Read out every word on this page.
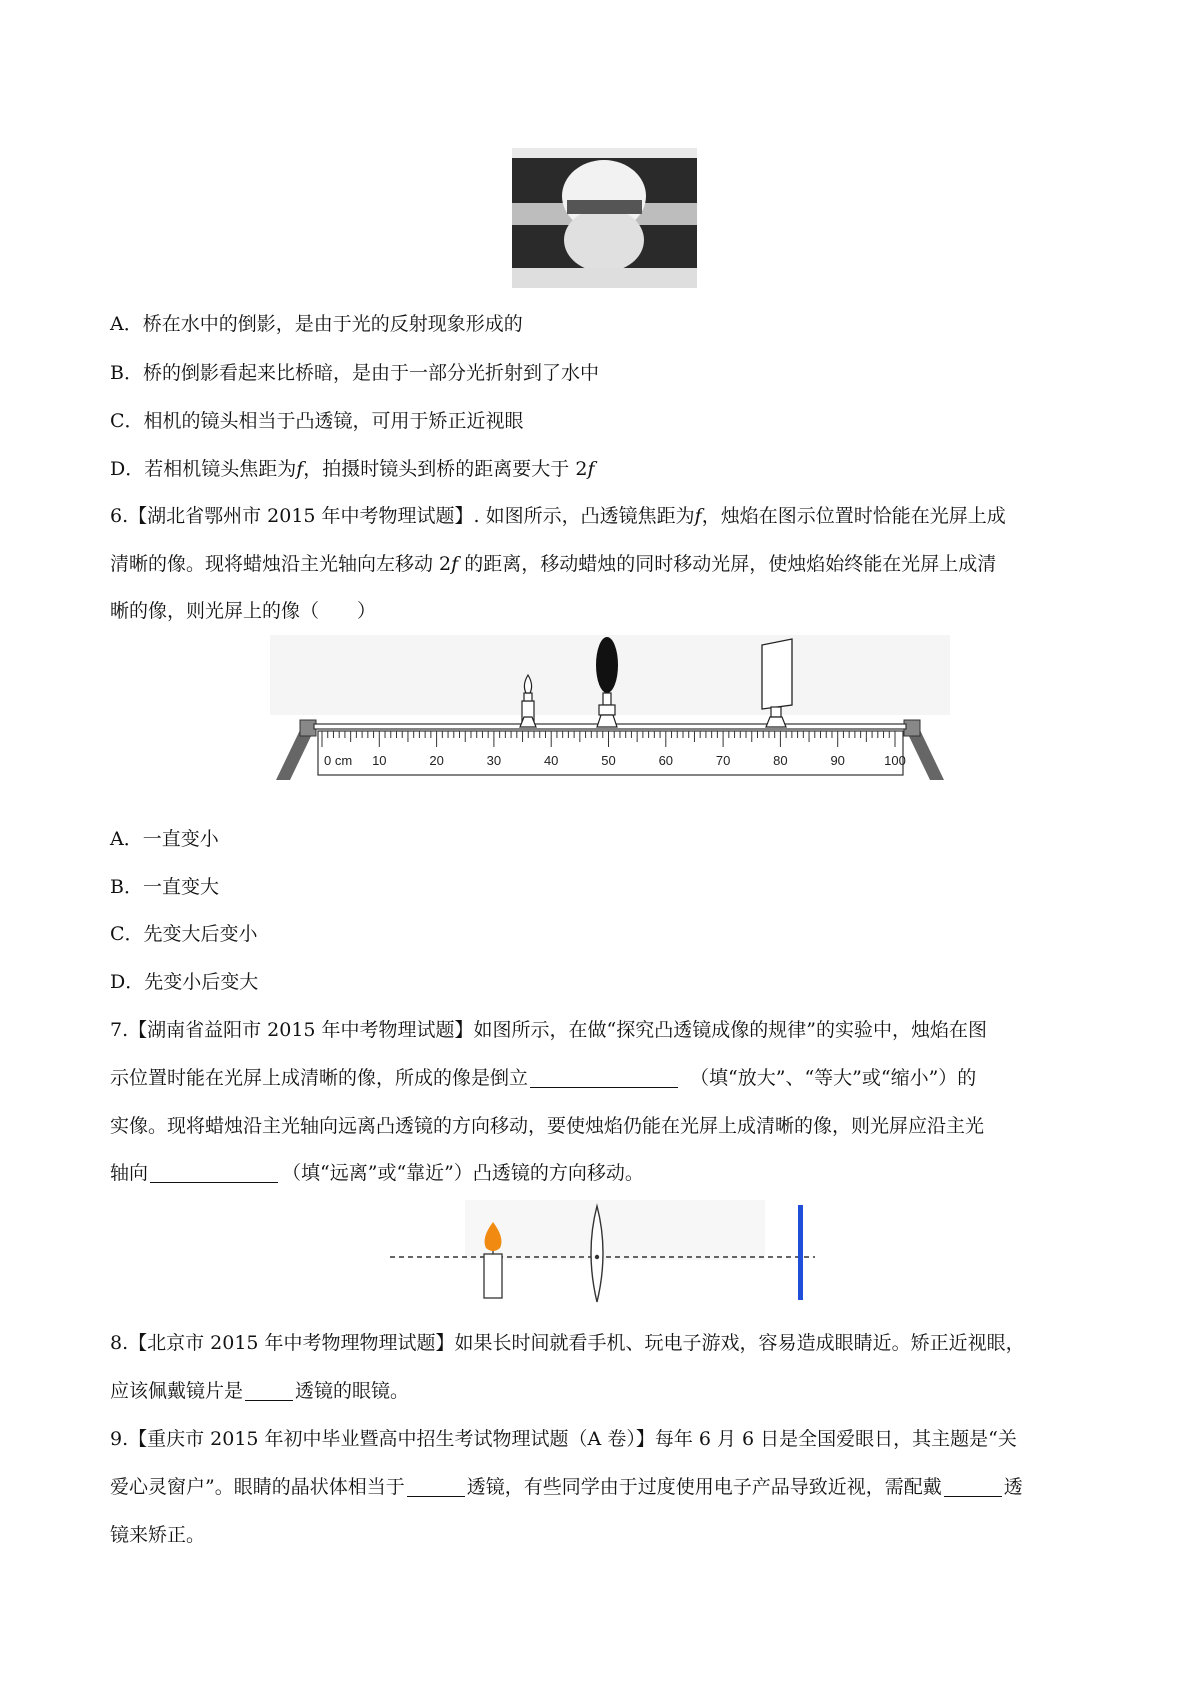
A．桥在水中的倒影，是由于光的反射现象形成的
B．桥的倒影看起来比桥暗，是由于一部分光折射到了水中
C．相机的镜头相当于凸透镜，可用于矫正近视眼
D．若相机镜头焦距为f，拍摄时镜头到桥的距离要大于 2f
6.【湖北省鄂州市 2015 年中考物理试题】. 如图所示，凸透镜焦距为f，烛焰在图示位置时恰能在光屏上成
清晰的像。现将蜡烛沿主光轴向左移动 2f 的距离，移动蜡烛的同时移动光屏，使烛焰始终能在光屏上成清
晰的像，则光屏上的像（　　）
0 cm 10	20	30	40	50	60	70	80	90	100
A．一直变小
B．一直变大
C．先变大后变小
D．先变小后变大
7.【湖南省益阳市 2015 年中考物理试题】如图所示，在做“探究凸透镜成像的规律”的实验中，烛焰在图
示位置时能在光屏上成清晰的像，所成的像是倒立	（填“放大”、“等大”或“缩小”）的
实像。现将蜡烛沿主光轴向远离凸透镜的方向移动，要使烛焰仍能在光屏上成清晰的像，则光屏应沿主光
轴向	（填“远离”或“靠近”）凸透镜的方向移动。
8.【北京市 2015 年中考物理物理试题】如果长时间就看手机、玩电子游戏，容易造成眼睛近。矫正近视眼，
应该佩戴镜片是	透镜的眼镜。
9.【重庆市 2015 年初中毕业暨高中招生考试物理试题（A 卷）】每年 6 月 6 日是全国爱眼日，其主题是“关
爱心灵窗户”。眼睛的晶状体相当于	透镜，有些同学由于过度使用电子产品导致近视，需配戴	透
镜来矫正。
